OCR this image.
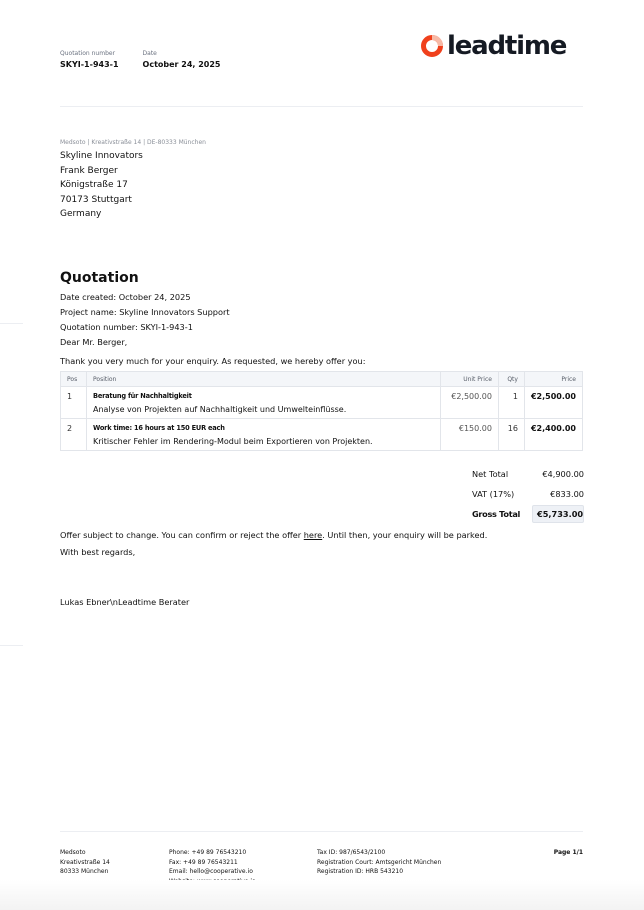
Quotation number
SKYI-1-943-1
Date
October 24, 2025
leadtime
Medsoto | Kreativstraße 14 | DE-80333 München
Skyline Innovators
Frank Berger
Königstraße 17
70173 Stuttgart
Germany
Quotation
Date created: October 24, 2025
Project name: Skyline Innovators Support
Quotation number: SKYI-1-943-1
Dear Mr. Berger,
Thank you very much for your enquiry. As requested, we hereby offer you:
Pos	Position	Unit Price	Qty	Price
1	Beratung für Nachhaltigkeit
Analyse von Projekten auf Nachhaltigkeit und Umwelteinflüsse.	€2,500.00	1	€2,500.00
2	Work time: 16 hours at 150 EUR each
Kritischer Fehler im Rendering-Modul beim Exportieren von Projekten.	€150.00	16	€2,400.00
Net Total	€4,900.00
VAT (17%)	€833.00
Gross Total	€5,733.00
Offer subject to change. You can confirm or reject the offer here. Until then, your enquiry will be parked.
With best regards,
Lukas Ebner\nLeadtime Berater
Medsoto
Kreativstraße 14
80333 München
Phone: +49 89 76543210
Fax: +49 89 76543211
Email: hello@cooperative.io
Tax ID: 987/6543/2100
Registration Court: Amtsgericht München
Registration ID: HRB 543210
Page 1/1
